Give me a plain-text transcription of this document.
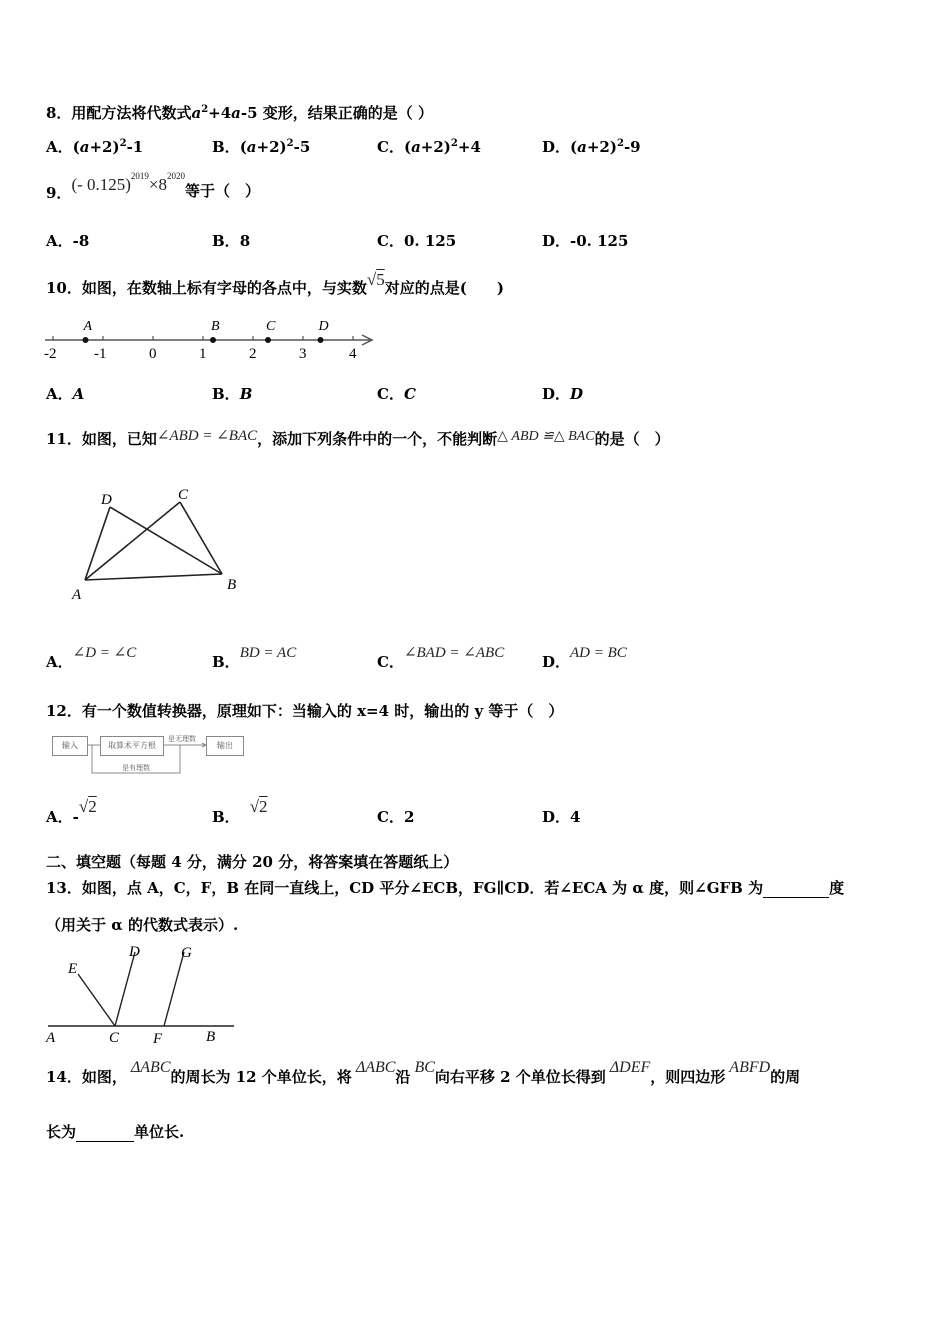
8．用配方法将代数式$a^2+4a-5$ 变形，结果正确的是（ ）
A．$(a+2)^2-1$	B．$(a+2)^2-5$	C．$(a+2)^2+4$	D．$(a+2)^2-9$
9．(- $0.125)^{2019}\times 8^{2020}$等于（　）
A．-8	B．8	C．0. 125	D．-0. 125
10．如图，在数轴上标有字母的各点中，与实数√5对应的点是(　　)
-2	-1	0	1	2	3	4
A	B	C	D
A．A	B．B	C．C	D．D
11．如图，已知∠ABD = ∠BAC，添加下列条件中的一个，不能判断△ ABD ≌△ BAC的是（　）
D	C
A
B
A．∠D = ∠C	B．BD = AC	C．∠BAD = ∠ABC	D．AD = BC
12．有一个数值转换器，原理如下：当输入的 x=4 时，输出的 y 等于（　）
输入	取算术平方根	输出
是无理数
是有理数
A．-√2
B．√2
C．2	D．4
二、填空题（每题 4 分，满分 20 分，将答案填在答题纸上）
13．如图，点 A，C，F，B 在同一直线上，CD 平分∠ECB，FG∥CD．若∠ECA 为 α 度，则∠GFB 为	度
（用关于 α 的代数式表示）.
E
D	G
A	C F	B
14．如图，ΔABC的周长为 12 个单位长，将ΔABC沿BC向右平移 2 个单位长得到ΔDEF，则四边形ABFD的周
长为	单位长.
